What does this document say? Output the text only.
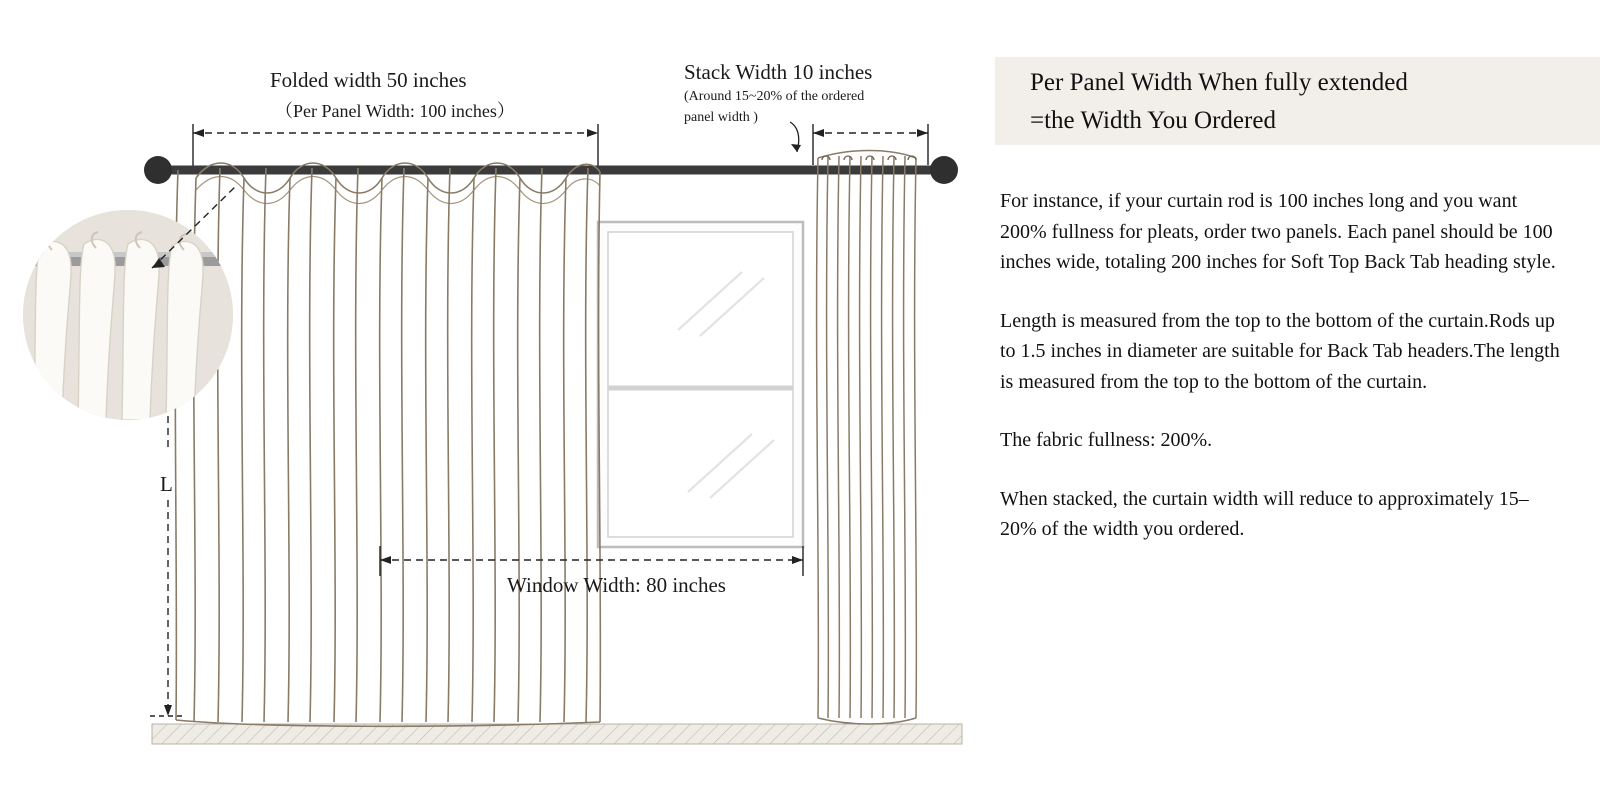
Folded width 50 inches
（Per Panel Width: 100 inches）
Stack Width 10 inches
(Around 15~20% of the ordered
panel width )
Window Width: 80 inches
L
Per Panel Width When fully extended
=the Width You Ordered

For instance, if your curtain rod is 100 inches long and you want 200% fullness for pleats, order two panels. Each panel should be 100 inches wide, totaling 200 inches for Soft Top Back Tab heading style.

Length is measured from the top to the bottom of the curtain.Rods up to 1.5 inches in diameter are suitable for Back Tab headers.The length is measured from the top to the bottom of the curtain.

The fabric fullness: 200%.

When stacked, the curtain width will reduce to approximately 15–20% of the width you ordered.
